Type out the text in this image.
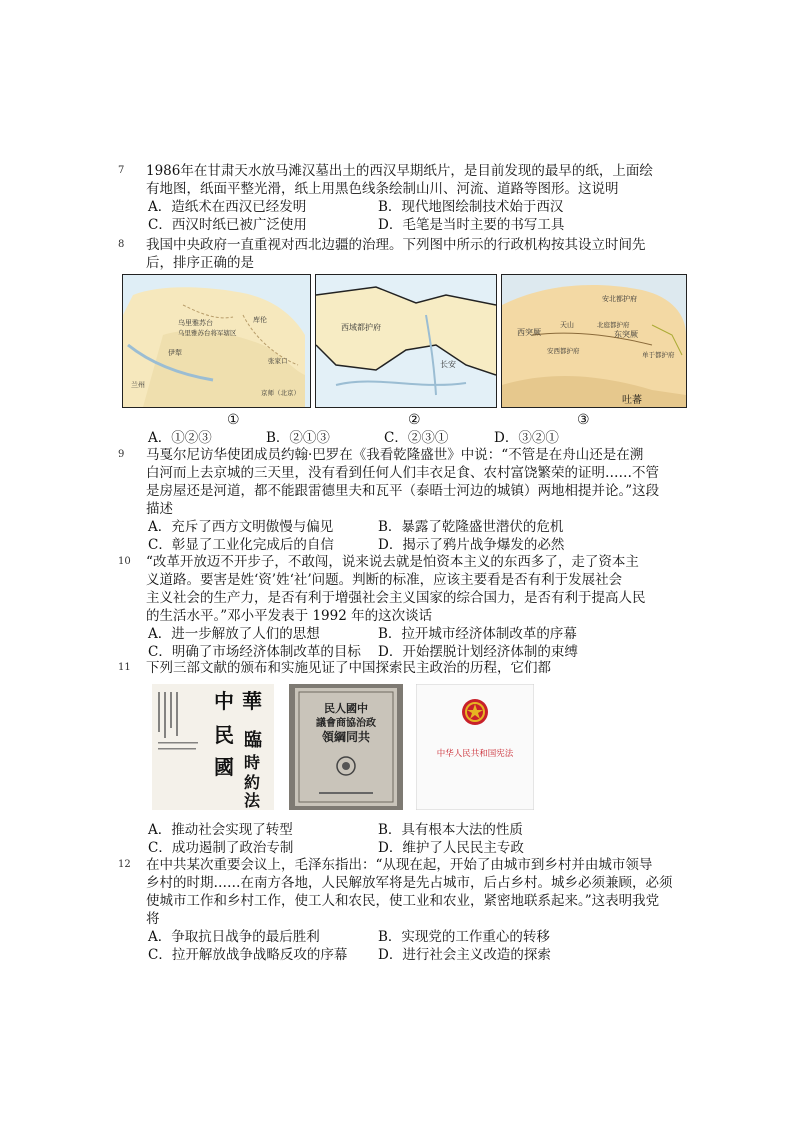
7	1986年在甘肃天水放马滩汉墓出土的西汉早期纸片，是目前发现的最早的纸，上面绘

有地图，纸面平整光滑，纸上用黑色线条绘制山川、河流、道路等图形。这说明

A．造纸术在西汉已经发明	B．现代地图绘制技术始于西汉
C．西汉时纸已被广泛使用	D．毛笔是当时主要的书写工具
8	我国中央政府一直重视对西北边疆的治理。下列图中所示的行政机构按其设立时间先

后，排序正确的是

乌里雅苏台	库伦
乌里雅苏台将军辖区
伊犁
张家口
京师（北京）
兰州
西域都护府
长安
安北都护府
北庭都护府
西突厥
天山
安西都护府	单于都护府
东突厥
吐蕃
①	②	③
A．①②③	B．②①③	C．②③①	D．③②①
9	马戛尔尼访华使团成员约翰·巴罗在《我看乾隆盛世》中说：“不管是在舟山还是在溯

白河而上去京城的三天里，没有看到任何人们丰衣足食、农村富饶繁荣的证明……不管

是房屋还是河道，都不能跟雷德里夫和瓦平（泰晤士河边的城镇）两地相提并论。”这段

描述

A．充斥了西方文明傲慢与偏见	B．暴露了乾隆盛世潜伏的危机
C．彰显了工业化完成后的自信	D．揭示了鸦片战争爆发的必然
10	“改革开放迈不开步子，不敢闯，说来说去就是怕资本主义的东西多了，走了资本主

义道路。要害是姓‘资’姓‘社’问题。判断的标准，应该主要看是否有利于发展社会

主义社会的生产力，是否有利于增强社会主义国家的综合国力，是否有利于提高人民

的生活水平。”邓小平发表于 1992 年的这次谈话

A．进一步解放了人们的思想	B．拉开城市经济体制改革的序幕
C．明确了市场经济体制改革的目标	D．开始摆脱计划经济体制的束缚
11	下列三部文献的颁布和实施见证了中国探索民主政治的历程，它们都

中 華
民
國
臨
時
約
法
民人國中
議會商協治政
領綱同共
中华人民共和国宪法
A．推动社会实现了转型	B．具有根本大法的性质
C．成功遏制了政治专制	D．维护了人民民主专政
12	在中共某次重要会议上，毛泽东指出：“从现在起，开始了由城市到乡村并由城市领导

乡村的时期……在南方各地，人民解放军将是先占城市，后占乡村。城乡必须兼顾，必须

使城市工作和乡村工作，使工人和农民，使工业和农业，紧密地联系起来。”这表明我党

将

A．争取抗日战争的最后胜利	B．实现党的工作重心的转移
C．拉开解放战争战略反攻的序幕	D．进行社会主义改造的探索
